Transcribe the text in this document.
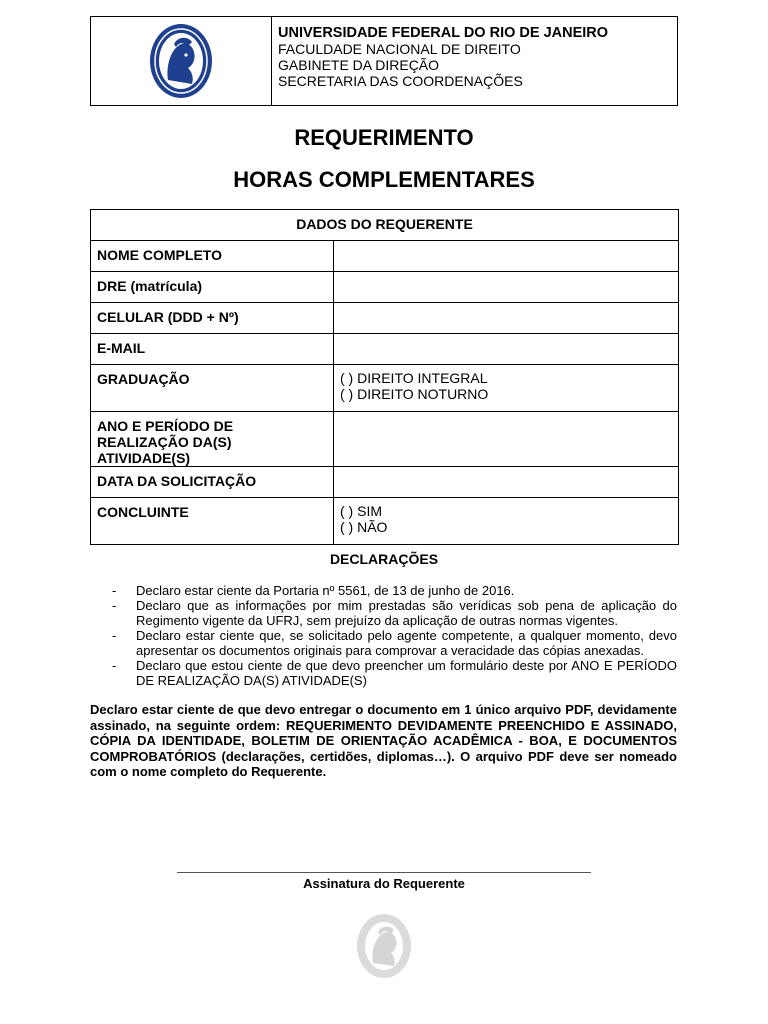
UNIVERSIDADE FEDERAL DO RIO DE JANEIRO
FACULDADE NACIONAL DE DIREITO
GABINETE DA DIREÇÃO
SECRETARIA DAS COORDENAÇÕES
REQUERIMENTO
HORAS COMPLEMENTARES
DADOS DO REQUERENTE	
NOME COMPLETO	
DRE (matrícula)	
CELULAR (DDD + Nº)	
E-MAIL	
GRADUAÇÃO	( ) DIREITO INTEGRAL
( ) DIREITO NOTURNO

ANO E PERÍODO DE REALIZAÇÃO DA(S) ATIVIDADE(S)	
DATA DA SOLICITAÇÃO	
CONCLUINTE	( ) SIM
( ) NÃO
DECLARAÇÕES
- Declaro estar ciente da Portaria nº 5561, de 13 de junho de 2016.
- Declaro que as informações por mim prestadas são verídicas sob pena de aplicação do Regimento vigente da UFRJ, sem prejuízo da aplicação de outras normas vigentes.
- Declaro estar ciente que, se solicitado pelo agente competente, a qualquer momento, devo apresentar os documentos originais para comprovar a veracidade das cópias anexadas.
- Declaro que estou ciente de que devo preencher um formulário deste por ANO E PERÍODO DE REALIZAÇÃO DA(S) ATIVIDADE(S)
Declaro estar ciente de que devo entregar o documento em 1 único arquivo PDF, devidamente assinado, na seguinte ordem: REQUERIMENTO DEVIDAMENTE PREENCHIDO E ASSINADO, CÓPIA DA IDENTIDADE, BOLETIM DE ORIENTAÇÃO ACADÊMICA - BOA, E DOCUMENTOS COMPROBATÓRIOS (declarações, certidões, diplomas…). O arquivo PDF deve ser nomeado com o nome completo do Requerente.
Assinatura do Requerente
